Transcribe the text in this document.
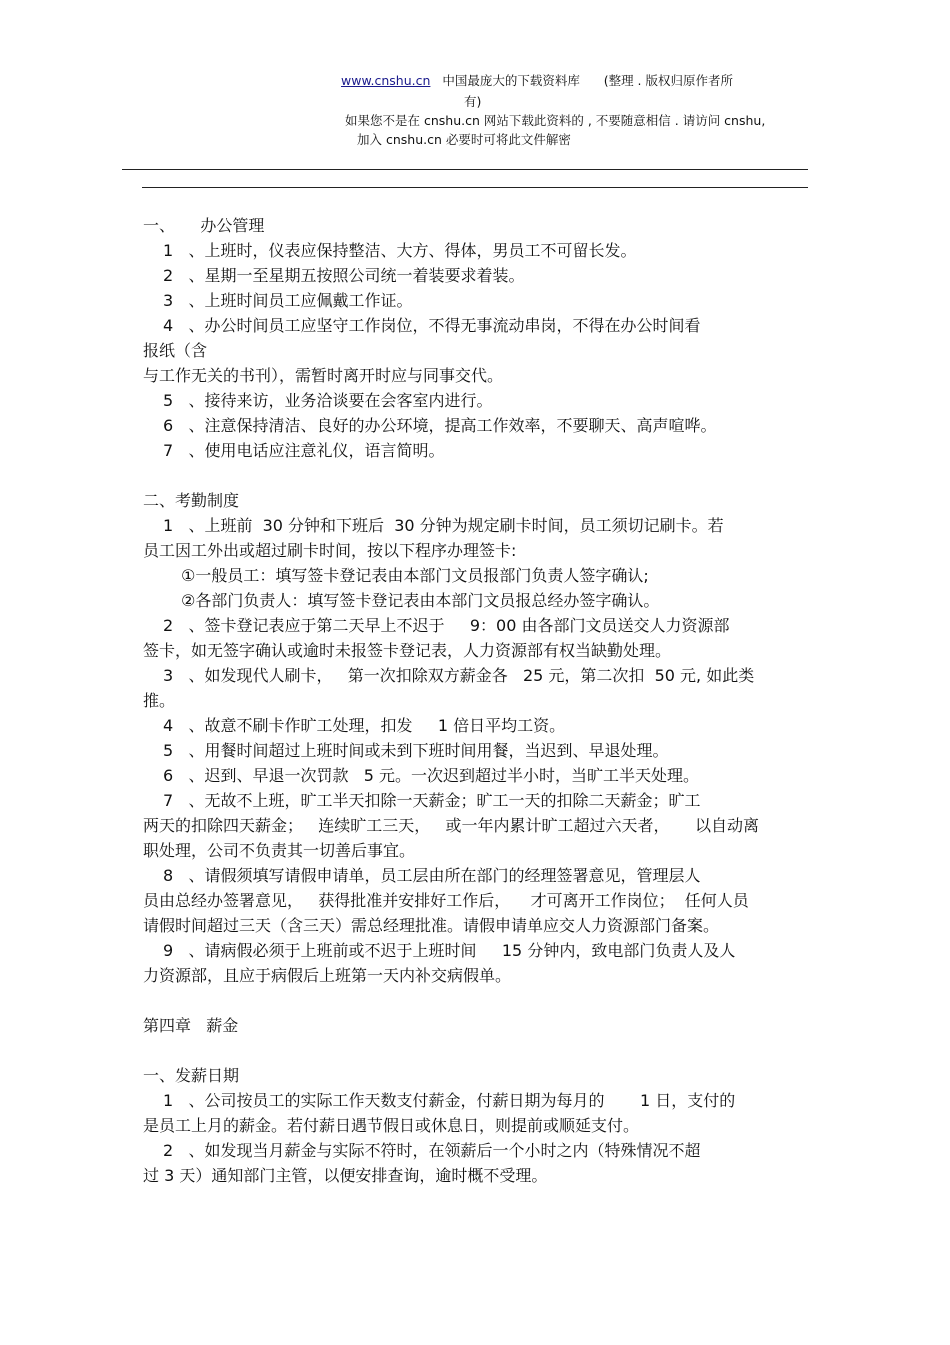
www.cnshu.cn 中国最庞大的下载资料库 (整理 . 版权归原作者所
有)
如果您不是在 cnshu.cn 网站下载此资料的 , 不要随意相信 . 请访问 cnshu,
加入 cnshu.cn 必要时可将此文件解密
一、     办公管理
1   、上班时，仪表应保持整洁、大方、得体，男员工不可留长发。
2   、星期一至星期五按照公司统一着装要求着装。
3   、上班时间员工应佩戴工作证。
4   、办公时间员工应坚守工作岗位，不得无事流动串岗，不得在办公时间看
报纸（含
与工作无关的书刊），需暂时离开时应与同事交代。
5   、接待来访，业务洽谈要在会客室内进行。
6   、注意保持清洁、良好的办公环境，提高工作效率，不要聊天、高声喧哗。
7   、使用电话应注意礼仪，语言简明。
二、考勤制度
1   、上班前  30 分钟和下班后  30 分钟为规定刷卡时间，员工须切记刷卡。若
员工因工外出或超过刷卡时间，按以下程序办理签卡:
①一般员工：填写签卡登记表由本部门文员报部门负责人签字确认;
②各部门负责人：填写签卡登记表由本部门文员报总经办签字确认。
2   、签卡登记表应于第二天早上不迟于     9：00 由各部门文员送交人力资源部
签卡，如无签字确认或逾时未报签卡登记表，人力资源部有权当缺勤处理。
3   、如发现代人刷卡，   第一次扣除双方薪金各   25 元，第二次扣  50 元, 如此类
推。
4   、故意不刷卡作旷工处理，扣发     1 倍日平均工资。
5   、用餐时间超过上班时间或未到下班时间用餐，当迟到、早退处理。
6   、迟到、早退一次罚款   5 元。一次迟到超过半小时，当旷工半天处理。
7   、无故不上班，旷工半天扣除一天薪金；旷工一天的扣除二天薪金；旷工
两天的扣除四天薪金；   连续旷工三天，   或一年内累计旷工超过六天者，     以自动离
职处理，公司不负责其一切善后事宜。
8   、请假须填写请假申请单，员工层由所在部门的经理签署意见，管理层人
员由总经办签署意见，   获得批准并安排好工作后，    才可离开工作岗位；  任何人员
请假时间超过三天（含三天）需总经理批准。请假申请单应交人力资源部门备案。
9   、请病假必须于上班前或不迟于上班时间     15 分钟内，致电部门负责人及人
力资源部，且应于病假后上班第一天内补交病假单。
第四章   薪金
一、发薪日期
1   、公司按员工的实际工作天数支付薪金，付薪日期为每月的       1 日，支付的
是员工上月的薪金。若付薪日遇节假日或休息日，则提前或顺延支付。
2   、如发现当月薪金与实际不符时，在领薪后一个小时之内（特殊情况不超
过 3 天）通知部门主管，以便安排查询，逾时概不受理。
